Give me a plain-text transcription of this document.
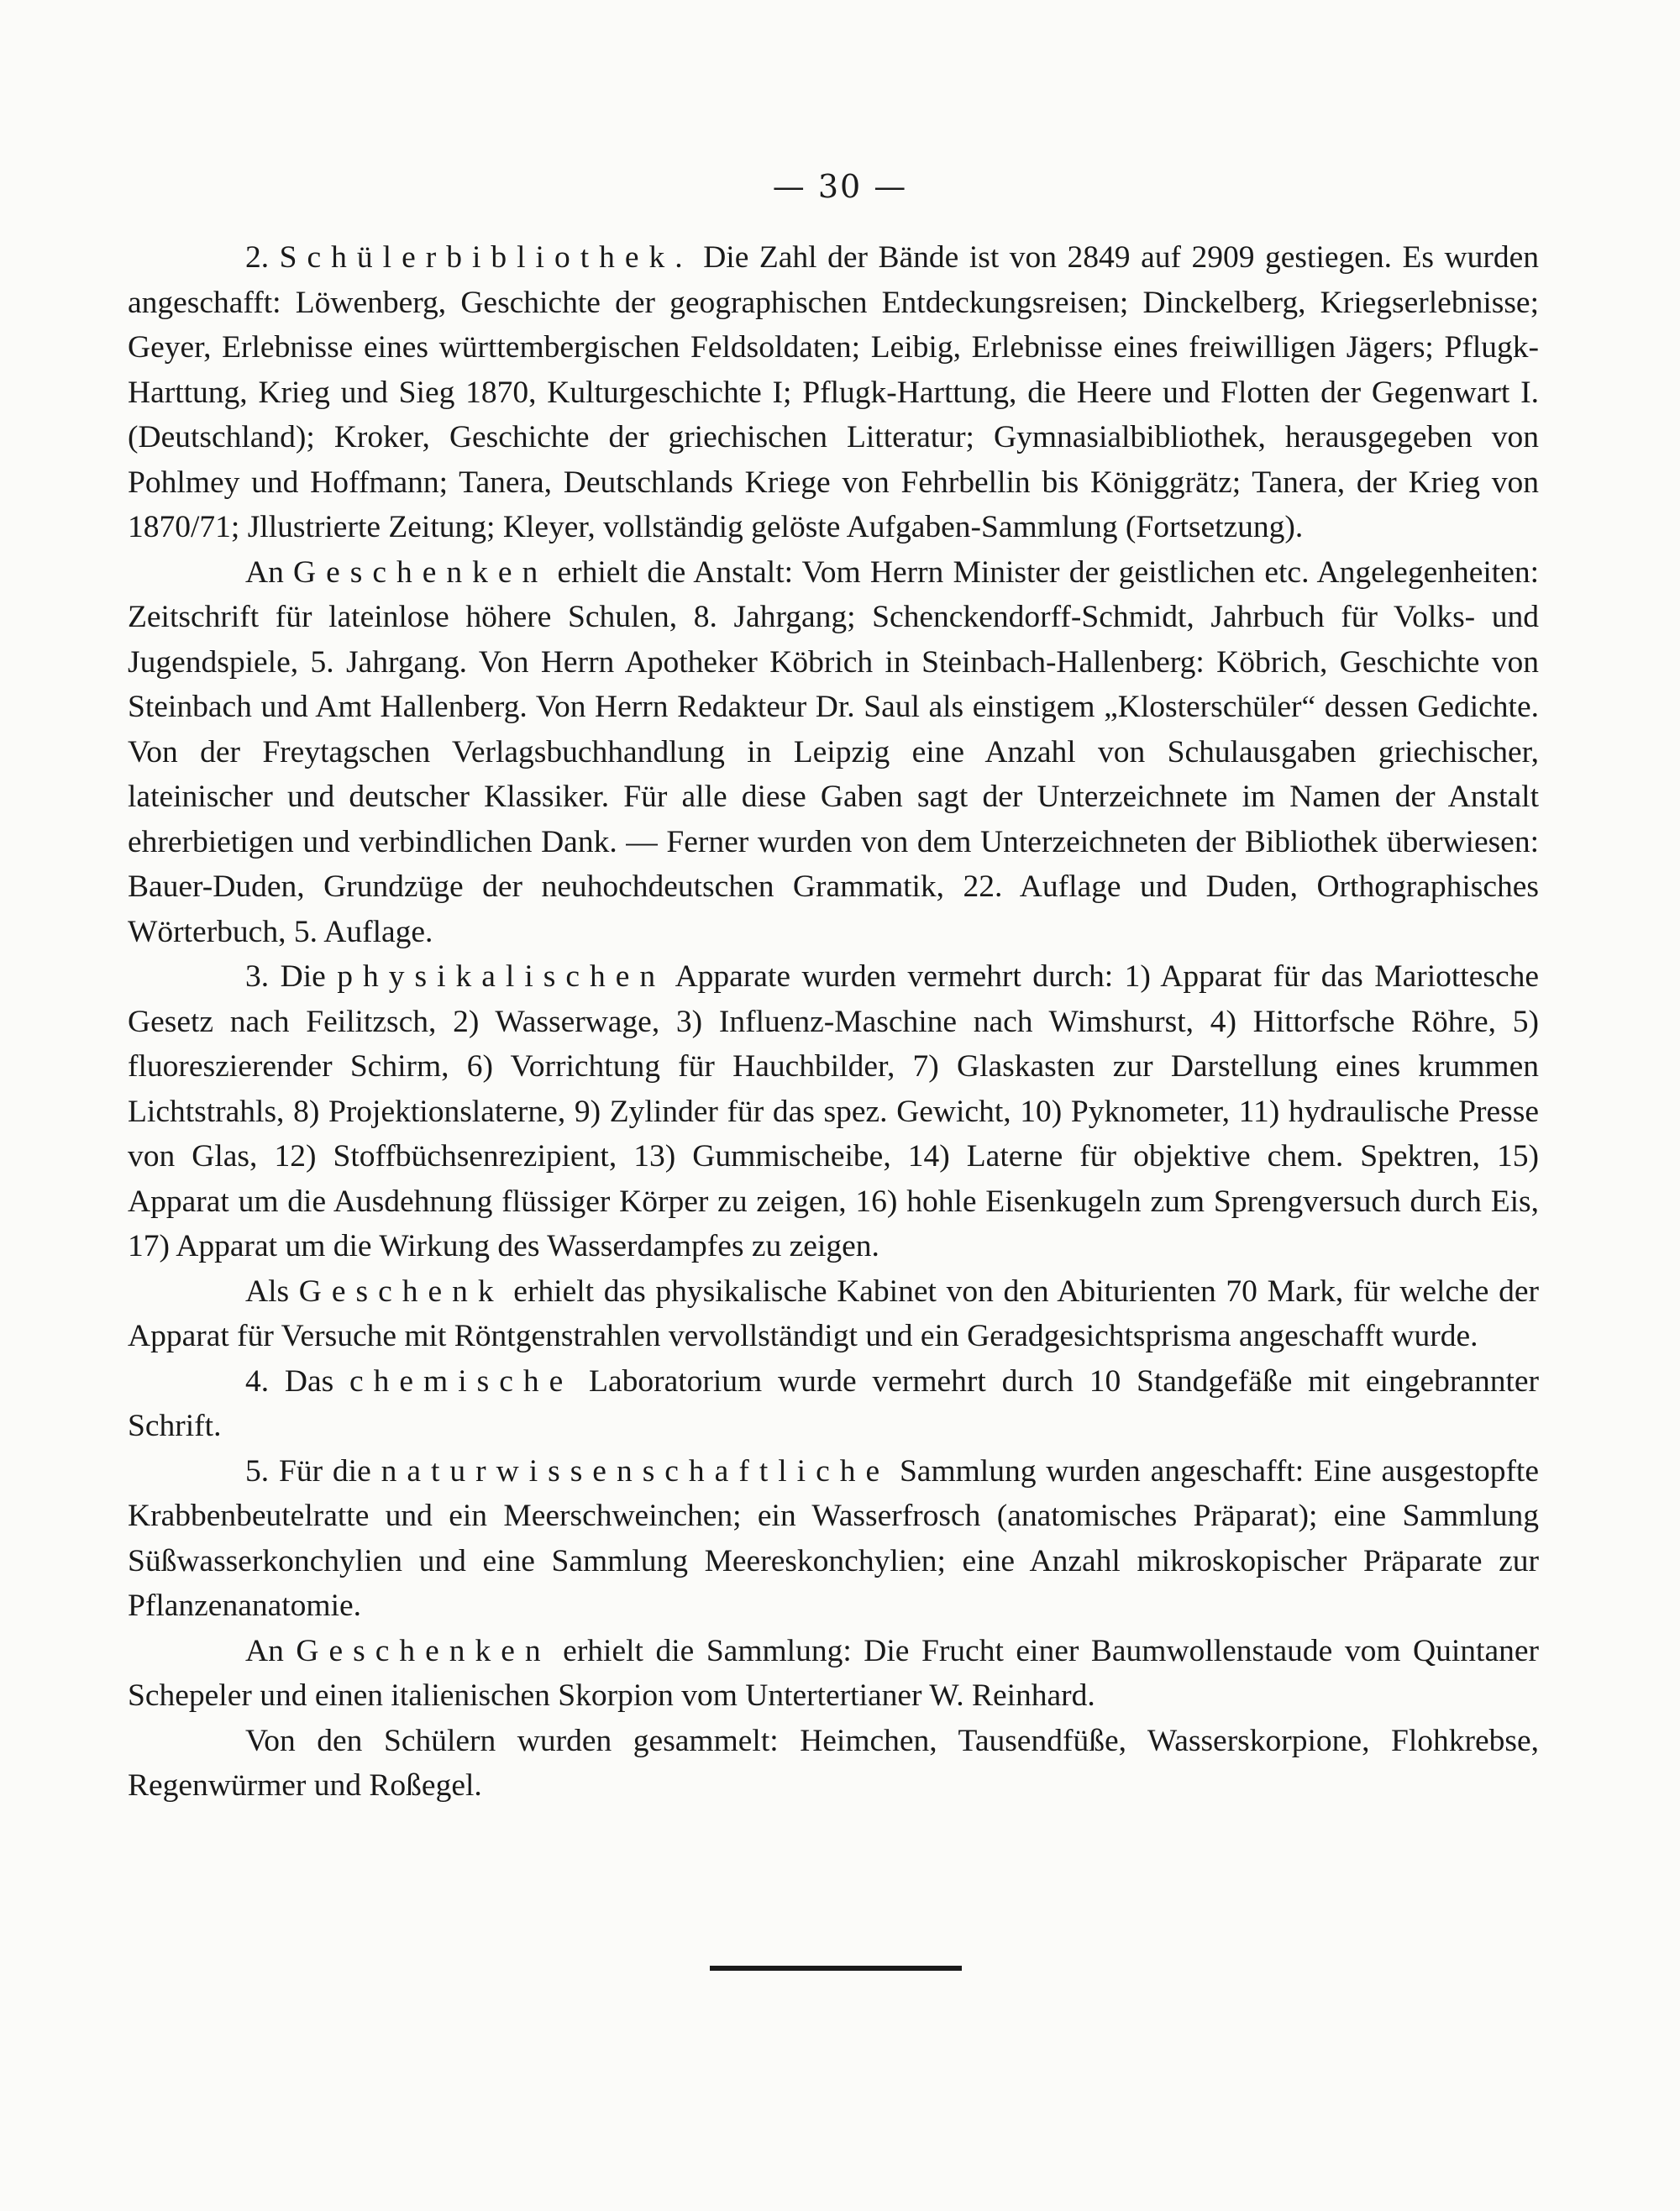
— 30 —

2. Schülerbibliothek. Die Zahl der Bände ist von 2849 auf 2909 gestiegen. Es wurden angeschafft: Löwenberg, Geschichte der geographischen Entdeckungsreisen; Dinckelberg, Kriegserlebnisse; Geyer, Erlebnisse eines württembergischen Feldsoldaten; Leibig, Erlebnisse eines freiwilligen Jägers; Pflugk-Harttung, Krieg und Sieg 1870, Kulturgeschichte I; Pflugk-Harttung, die Heere und Flotten der Gegenwart I. (Deutschland); Kroker, Geschichte der griechischen Litteratur; Gymnasialbibliothek, herausgegeben von Pohlmey und Hoffmann; Tanera, Deutschlands Kriege von Fehrbellin bis Königgrätz; Tanera, der Krieg von 1870/71; Jllustrierte Zeitung; Kleyer, vollständig gelöste Aufgaben-Sammlung (Fortsetzung).

An Geschenken erhielt die Anstalt: Vom Herrn Minister der geistlichen etc. Angelegenheiten: Zeitschrift für lateinlose höhere Schulen, 8. Jahrgang; Schenckendorff-Schmidt, Jahrbuch für Volks- und Jugendspiele, 5. Jahrgang. Von Herrn Apotheker Köbrich in Steinbach-Hallenberg: Köbrich, Geschichte von Steinbach und Amt Hallenberg. Von Herrn Redakteur Dr. Saul als einstigem „Klosterschüler“ dessen Gedichte. Von der Freytagschen Verlagsbuchhandlung in Leipzig eine Anzahl von Schulausgaben griechischer, lateinischer und deutscher Klassiker. Für alle diese Gaben sagt der Unterzeichnete im Namen der Anstalt ehrerbietigen und verbindlichen Dank. — Ferner wurden von dem Unterzeichneten der Bibliothek überwiesen: Bauer-Duden, Grundzüge der neuhochdeutschen Grammatik, 22. Auflage und Duden, Orthographisches Wörterbuch, 5. Auflage.

3. Die physikalischen Apparate wurden vermehrt durch: 1) Apparat für das Mariottesche Gesetz nach Feilitzsch, 2) Wasserwage, 3) Influenz-Maschine nach Wimshurst, 4) Hittorfsche Röhre, 5) fluoreszierender Schirm, 6) Vorrichtung für Hauchbilder, 7) Glaskasten zur Darstellung eines krummen Lichtstrahls, 8) Projektionslaterne, 9) Zylinder für das spez. Gewicht, 10) Pyknometer, 11) hydraulische Presse von Glas, 12) Stoffbüchsenrezipient, 13) Gummischeibe, 14) Laterne für objektive chem. Spektren, 15) Apparat um die Ausdehnung flüssiger Körper zu zeigen, 16) hohle Eisenkugeln zum Sprengversuch durch Eis, 17) Apparat um die Wirkung des Wasserdampfes zu zeigen.

Als Geschenk erhielt das physikalische Kabinet von den Abiturienten 70 Mark, für welche der Apparat für Versuche mit Röntgenstrahlen vervollständigt und ein Geradgesichtsprisma angeschafft wurde.

4. Das chemische Laboratorium wurde vermehrt durch 10 Standgefäße mit eingebrannter Schrift.

5. Für die naturwissenschaftliche Sammlung wurden angeschafft: Eine ausgestopfte Krabbenbeutelratte und ein Meerschweinchen; ein Wasserfrosch (anatomisches Präparat); eine Sammlung Süßwasserkonchylien und eine Sammlung Meereskonchylien; eine Anzahl mikroskopischer Präparate zur Pflanzenanatomie.

An Geschenken erhielt die Sammlung: Die Frucht einer Baumwollenstaude vom Quintaner Schepeler und einen italienischen Skorpion vom Untertertianer W. Reinhard.

Von den Schülern wurden gesammelt: Heimchen, Tausendfüße, Wasserskorpione, Flohkrebse, Regenwürmer und Roßegel.
